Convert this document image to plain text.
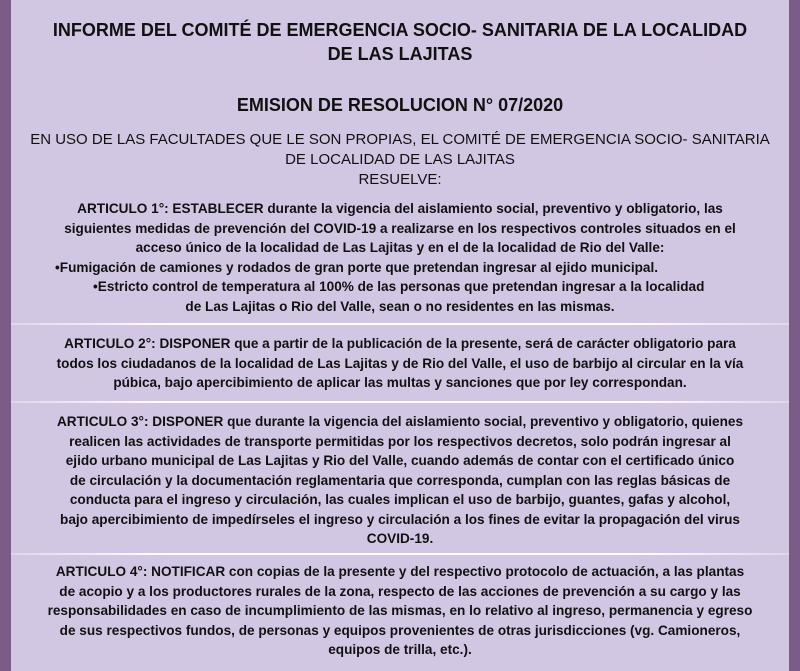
INFORME DEL COMITÉ DE EMERGENCIA SOCIO- SANITARIA DE LA LOCALIDAD
DE LAS LAJITAS
EMISION DE RESOLUCION N° 07/2020
EN USO DE LAS FACULTADES QUE LE SON PROPIAS, EL COMITÉ DE EMERGENCIA SOCIO- SANITARIA
DE LOCALIDAD DE LAS LAJITAS
RESUELVE:
ARTICULO 1°: ESTABLECER durante la vigencia del aislamiento social, preventivo y obligatorio, las
siguientes medidas de prevención del COVID-19 a realizarse en los respectivos controles situados en el
acceso único de la localidad de Las Lajitas y en el de la localidad de Rio del Valle:
•Fumigación de camiones y rodados de gran porte que pretendan ingresar al ejido municipal.
•Estricto control de temperatura al 100% de las personas que pretendan ingresar a la localidad
de Las Lajitas o Rio del Valle, sean o no residentes en las mismas.
ARTICULO 2°: DISPONER que a partir de la publicación de la presente, será de carácter obligatorio para
todos los ciudadanos de la localidad de Las Lajitas y de Rio del Valle, el uso de barbijo al circular en la vía
púbica, bajo apercibimiento de aplicar las multas y sanciones que por ley correspondan.
ARTICULO 3°: DISPONER que durante la vigencia del aislamiento social, preventivo y obligatorio, quienes
realicen las actividades de transporte permitidas por los respectivos decretos, solo podrán ingresar al
ejido urbano municipal de Las Lajitas y Rio del Valle, cuando además de contar con el certificado único
de circulación y la documentación reglamentaria que corresponda, cumplan con las reglas básicas de
conducta para el ingreso y circulación, las cuales implican el uso de barbijo, guantes, gafas y alcohol,
bajo apercibimiento de impedírseles el ingreso y circulación a los fines de evitar la propagación del virus
COVID-19.
ARTICULO 4°: NOTIFICAR con copias de la presente y del respectivo protocolo de actuación, a las plantas
de acopio y a los productores rurales de la zona, respecto de las acciones de prevención a su cargo y las
responsabilidades en caso de incumplimiento de las mismas, en lo relativo al ingreso, permanencia y egreso
de sus respectivos fundos, de personas y equipos provenientes de otras jurisdicciones (vg. Camioneros,
equipos de trilla, etc.).
